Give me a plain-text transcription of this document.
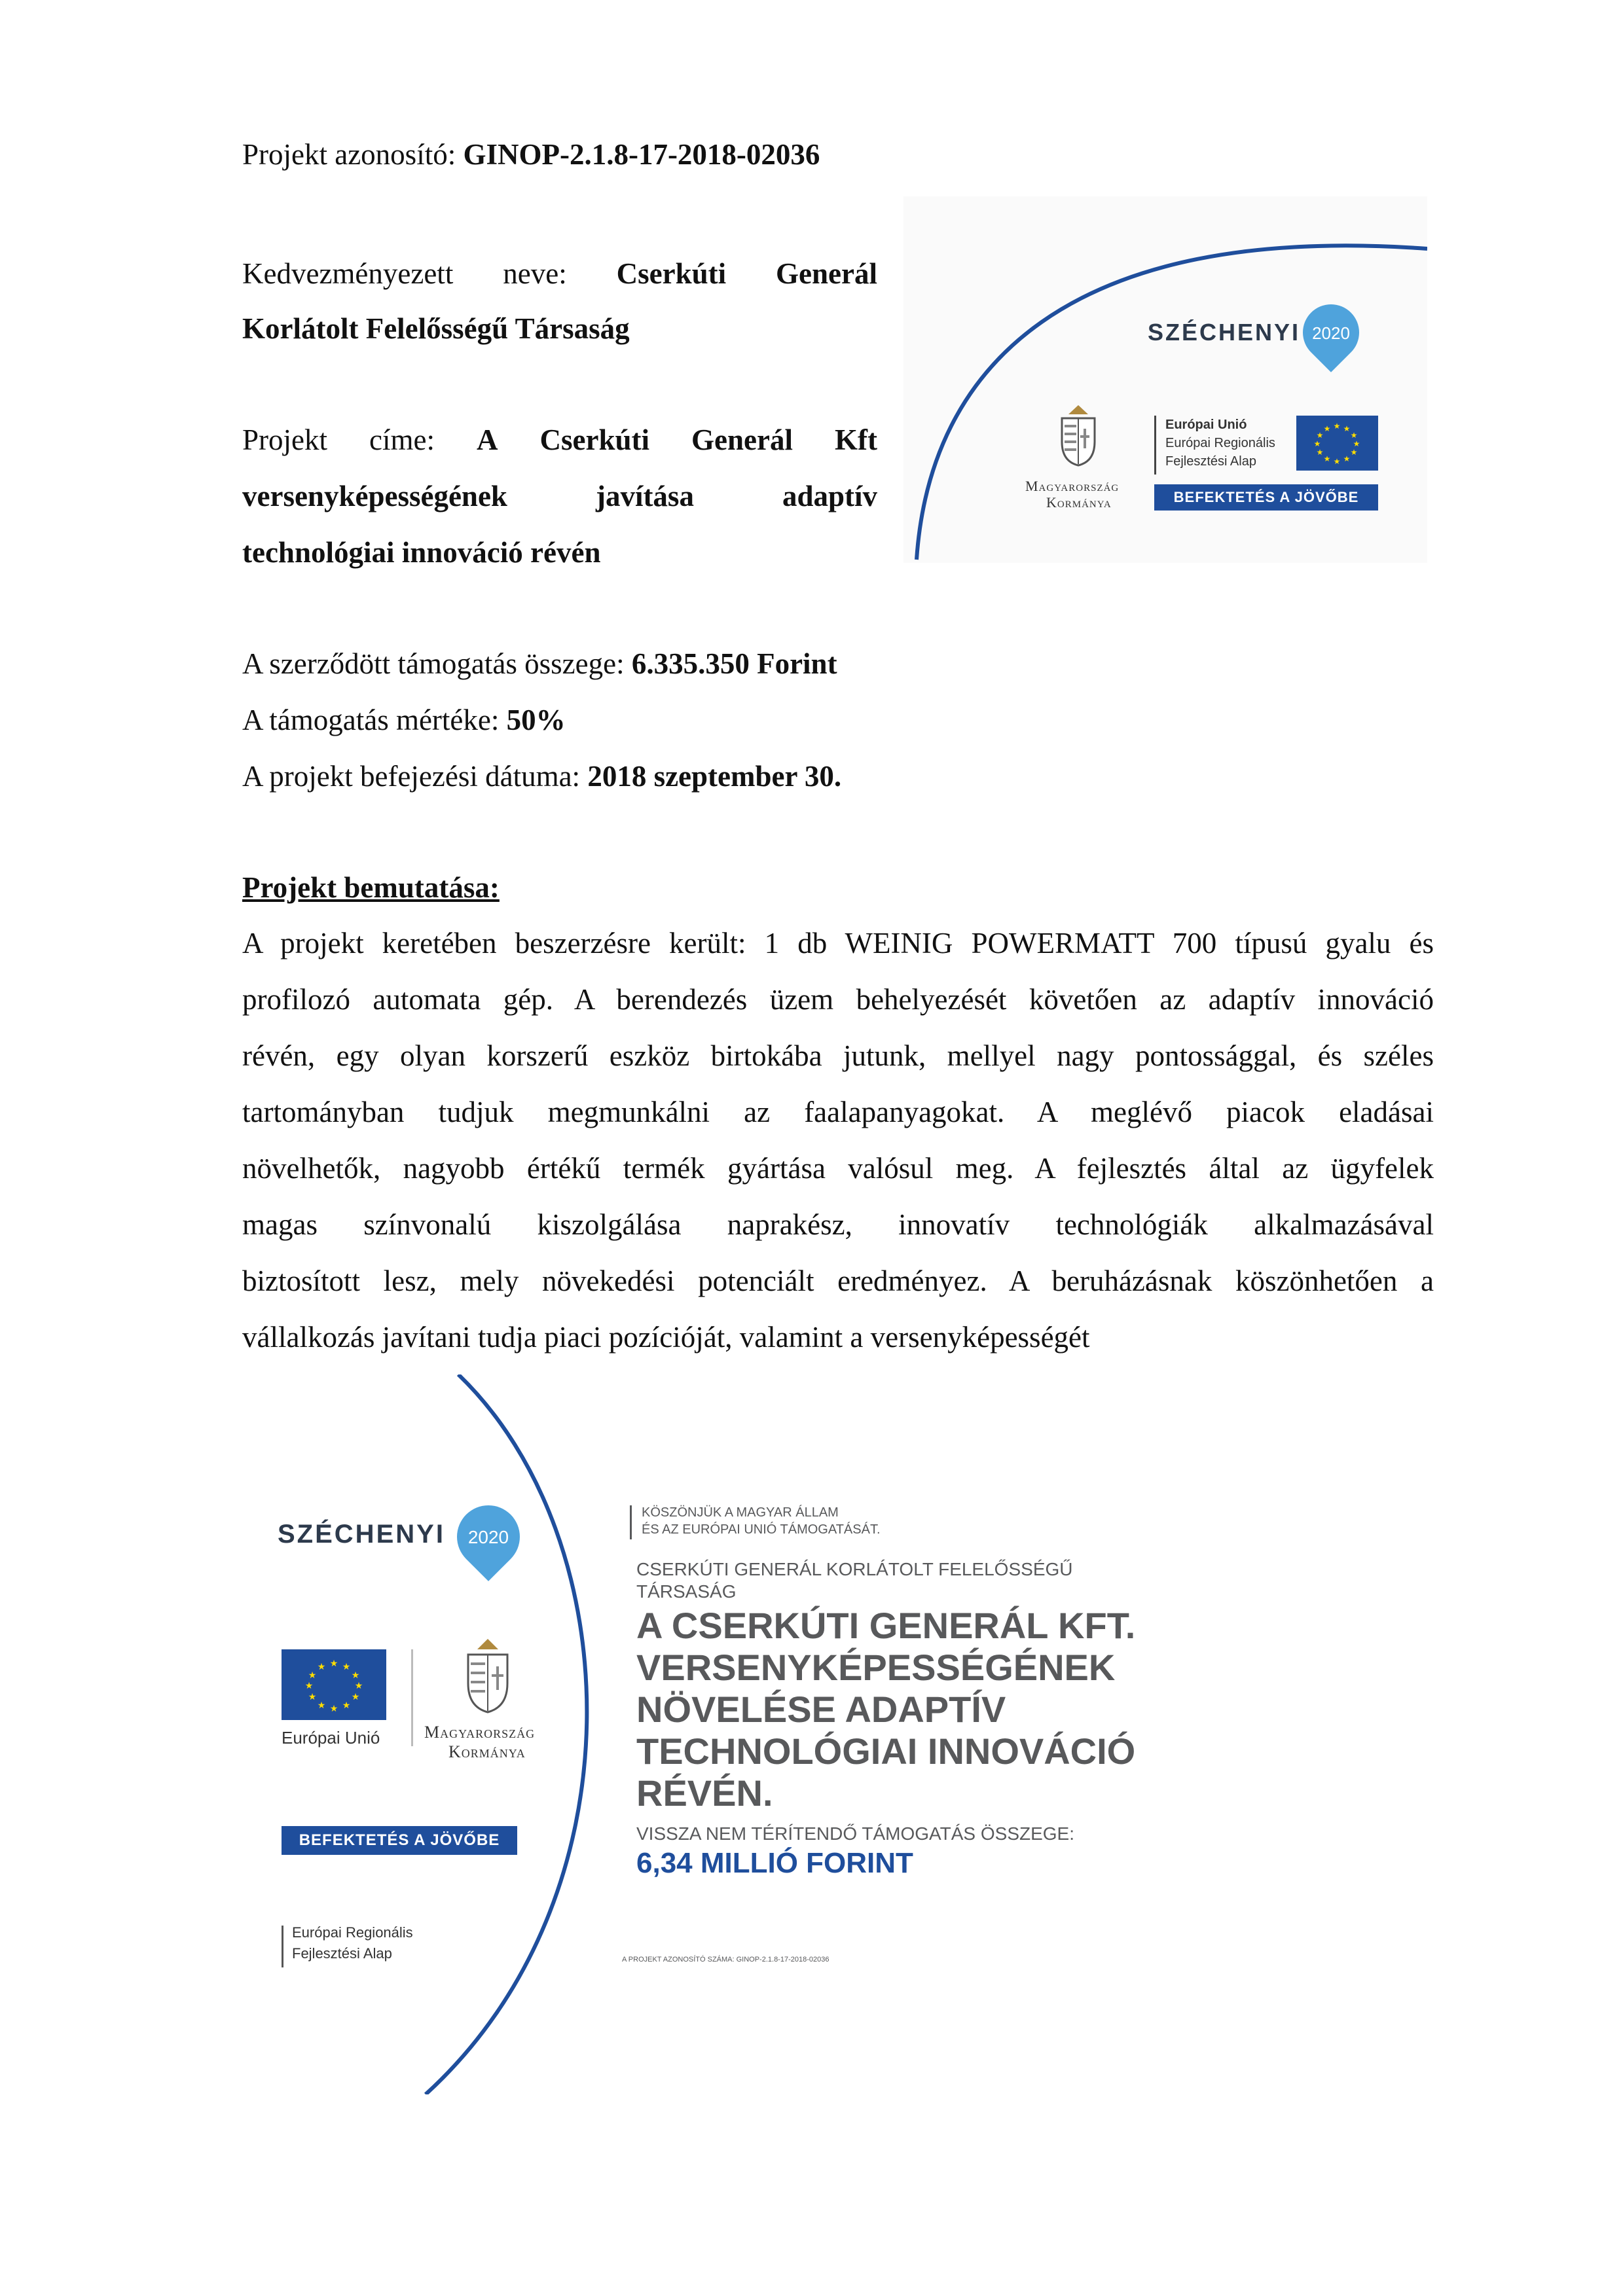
Projekt azonosító: GINOP-2.1.8-17-2018-02036

Kedvezményezett neve: Cserkúti Generál

Korlátolt Felelősségű Társaság

Projekt címe: A Cserkúti Generál Kft
versenyképességének	javítása	adaptív

technológiai innováció révén

A szerződött támogatás összege: 6.335.350 Forint

A támogatás mértéke: 50%

A projekt befejezési dátuma: 2018 szeptember 30.

Projekt bemutatása:

A projekt keretében beszerzésre került: 1 db WEINIG POWERMATT 700 típusú gyalu és
profilozó automata gép. A berendezés üzem behelyezését követően az adaptív innováció
révén, egy olyan korszerű eszköz birtokába jutunk, mellyel nagy pontossággal, és széles
tartományban tudjuk megmunkálni az faalapanyagokat. A meglévő piacok eladásai
növelhetők, nagyobb értékű termék gyártása valósul meg. A fejlesztés által az ügyfelek
magas színvonalú kiszolgálása naprakész, innovatív technológiák alkalmazásával
biztosított lesz, mely növekedési potenciált eredményez. A beruházásnak köszönhetően a
vállalkozás javítani tudja piaci pozícióját, valamint a versenyképességét
SZÉCHENYI 2020
Magyarország
Kormánya
Európai Unió
Európai Regionális
Fejlesztési Alap
★ ★
★
★
★
★
★
★
★
★
★
★
BEFEKTETÉS A JÖVŐBE
SZÉCHENYI	2020
★ ★
★
★
★
★
★
★
★
★
★
★
Európai Unió	Magyarország
Kormánya
BEFEKTETÉS A JÖVŐBE
Európai Regionális
Fejlesztési Alap
KÖSZÖNJÜK A MAGYAR ÁLLAM
ÉS AZ EURÓPAI UNIÓ TÁMOGATÁSÁT.
CSERKÚTI GENERÁL KORLÁTOLT FELELŐSSÉGŰ
TÁRSASÁG
A CSERKÚTI GENERÁL KFT.
VERSENYKÉPESSÉGÉNEK
NÖVELÉSE ADAPTÍV
TECHNOLÓGIAI INNOVÁCIÓ
RÉVÉN.
VISSZA NEM TÉRÍTENDŐ TÁMOGATÁS ÖSSZEGE:
6,34 MILLIÓ FORINT
A PROJEKT AZONOSÍTÓ SZÁMA: GINOP-2.1.8-17-2018-02036
